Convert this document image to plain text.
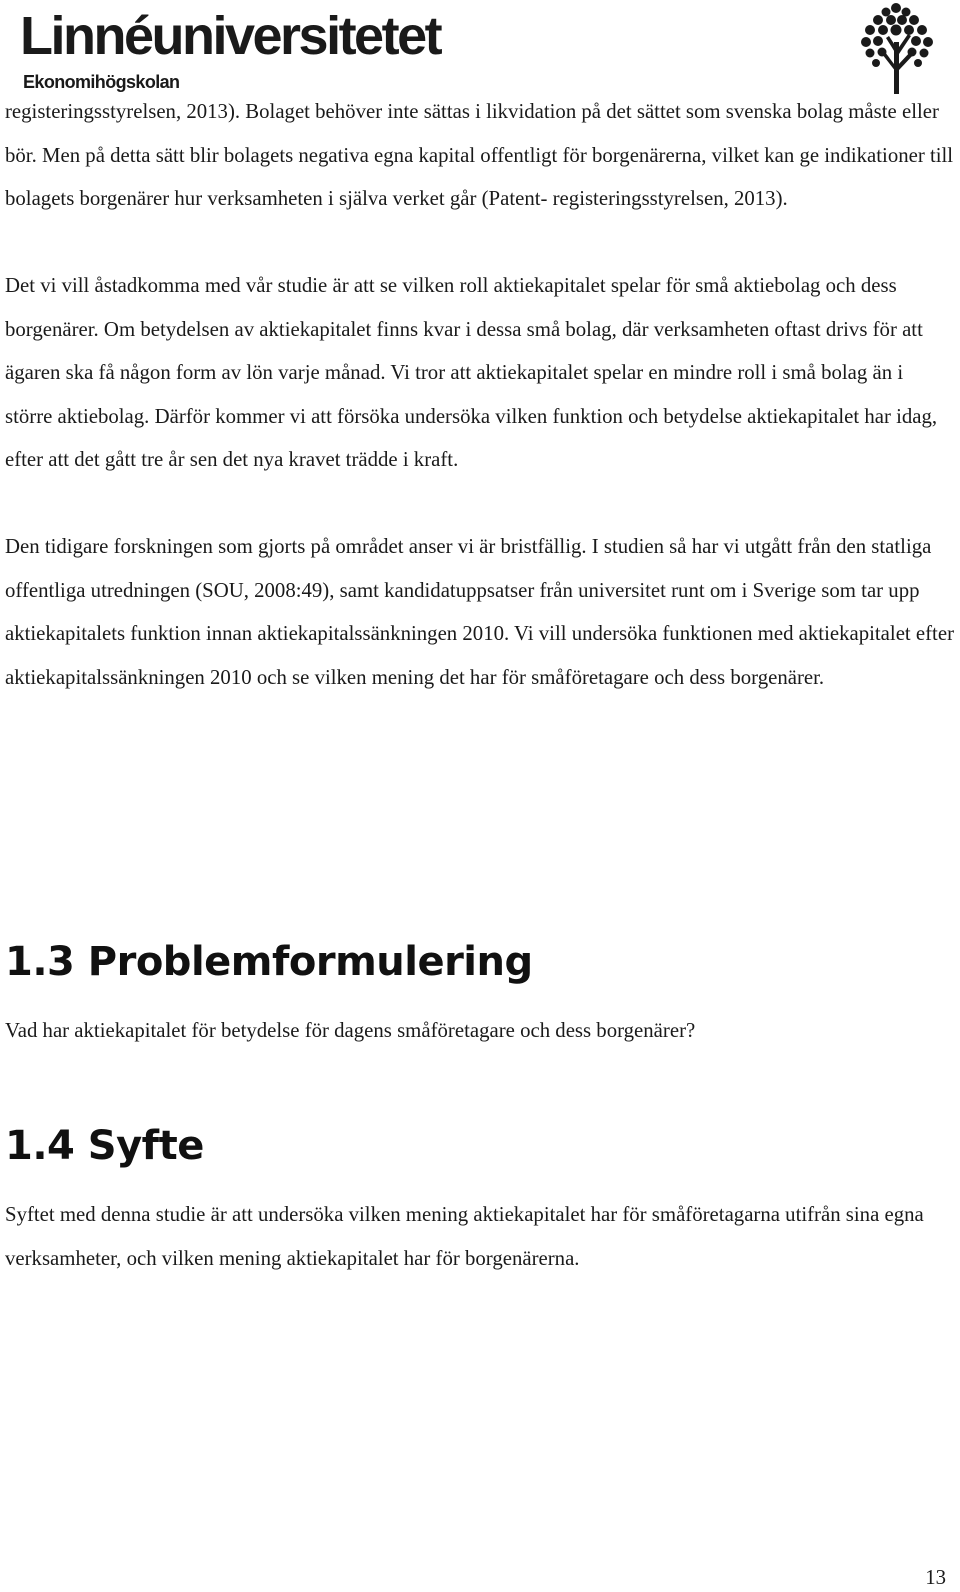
Linnéuniversitetet
Ekonomihögskolan

registeringsstyrelsen, 2013). Bolaget behöver inte sättas i likvidation på det sättet som svenska bolag måste eller bör. Men på detta sätt blir bolagets negativa egna kapital offentligt för borgenärerna, vilket kan ge indikationer till bolagets borgenärer hur verksamheten i själva verket går (Patent- registeringsstyrelsen, 2013).

Det vi vill åstadkomma med vår studie är att se vilken roll aktiekapitalet spelar för små aktiebolag och dess borgenärer. Om betydelsen av aktiekapitalet finns kvar i dessa små bolag, där verksamheten oftast drivs för att ägaren ska få någon form av lön varje månad. Vi tror att aktiekapitalet spelar en mindre roll i små bolag än i större aktiebolag. Därför kommer vi att försöka undersöka vilken funktion och betydelse aktiekapitalet har idag, efter att det gått tre år sen det nya kravet trädde i kraft.

Den tidigare forskningen som gjorts på området anser vi är bristfällig. I studien så har vi utgått från den statliga offentliga utredningen (SOU, 2008:49), samt kandidatuppsatser från universitet runt om i Sverige som tar upp aktiekapitalets funktion innan aktiekapitalssänkningen 2010. Vi vill undersöka funktionen med aktiekapitalet efter aktiekapitalssänkningen 2010 och se vilken mening det har för småföretagare och dess borgenärer.

1.3 Problemformulering

Vad har aktiekapitalet för betydelse för dagens småföretagare och dess borgenärer?

1.4 Syfte

Syftet med denna studie är att undersöka vilken mening aktiekapitalet har för småföretagarna utifrån sina egna verksamheter, och vilken mening aktiekapitalet har för borgenärerna.

13
